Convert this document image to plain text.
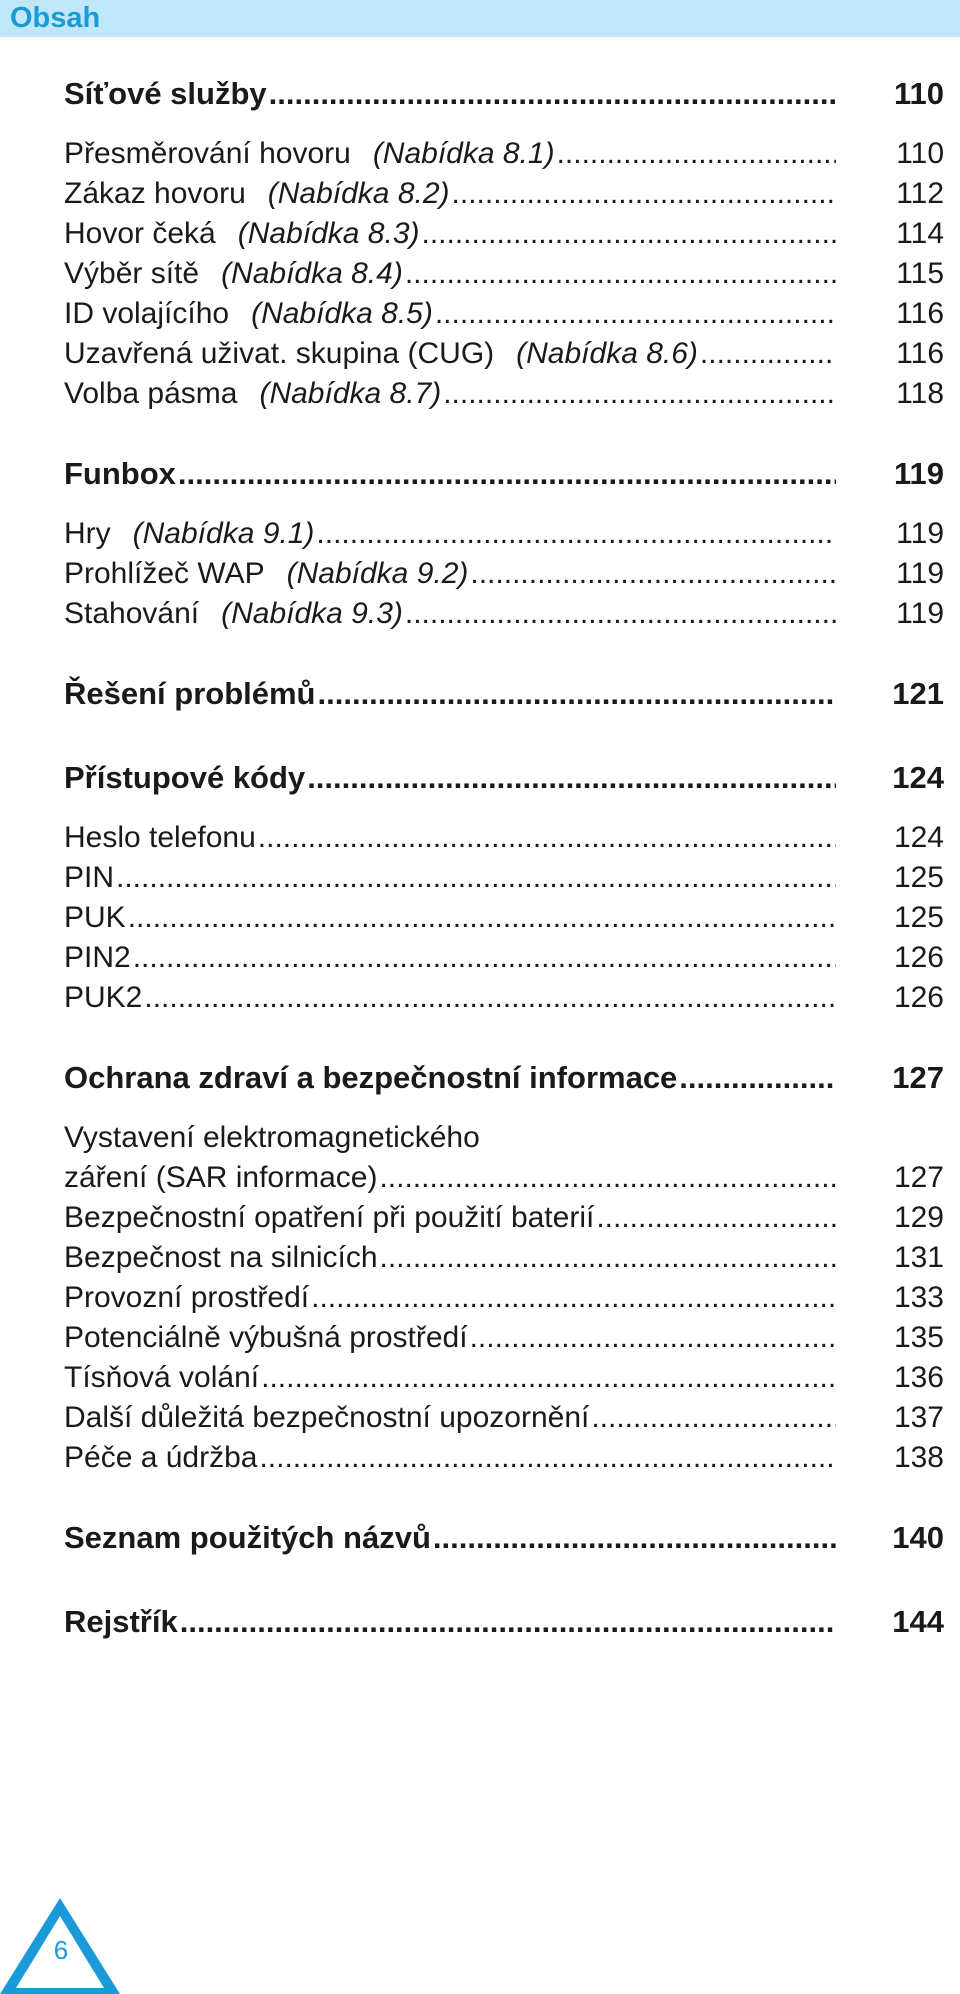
Obsah
Síťové služby .....	110
Přesměrování hovoru (Nabídka 8.1) .....	110
Zákaz hovoru (Nabídka 8.2) .....	112
Hovor čeká (Nabídka 8.3) .....	114
Výběr sítě (Nabídka 8.4) .....	115
ID volajícího (Nabídka 8.5) .....	116
Uzavřená uživat. skupina (CUG) (Nabídka 8.6) .....	116
Volba pásma (Nabídka 8.7) .....	118
Funbox .....	119
Hry (Nabídka 9.1) .....	119
Prohlížeč WAP (Nabídka 9.2) .....	119
Stahování (Nabídka 9.3) .....	119
Řešení problémů .....	121
Přístupové kódy .....	124
Heslo telefonu .....	124
PIN .....	125
PUK .....	125
PIN2 .....	126
PUK2 .....	126
Ochrana zdraví a bezpečnostní informace .....	127
Vystavení elektromagnetického
záření (SAR informace) .....	127
Bezpečnostní opatření při použití baterií .....	129
Bezpečnost na silnicích .....	131
Provozní prostředí .....	133
Potenciálně výbušná prostředí .....	135
Tísňová volání .....	136
Další důležitá bezpečnostní upozornění .....	137
Péče a údržba .....	138
Seznam použitých názvů .....	140
Rejstřík .....	144
6
